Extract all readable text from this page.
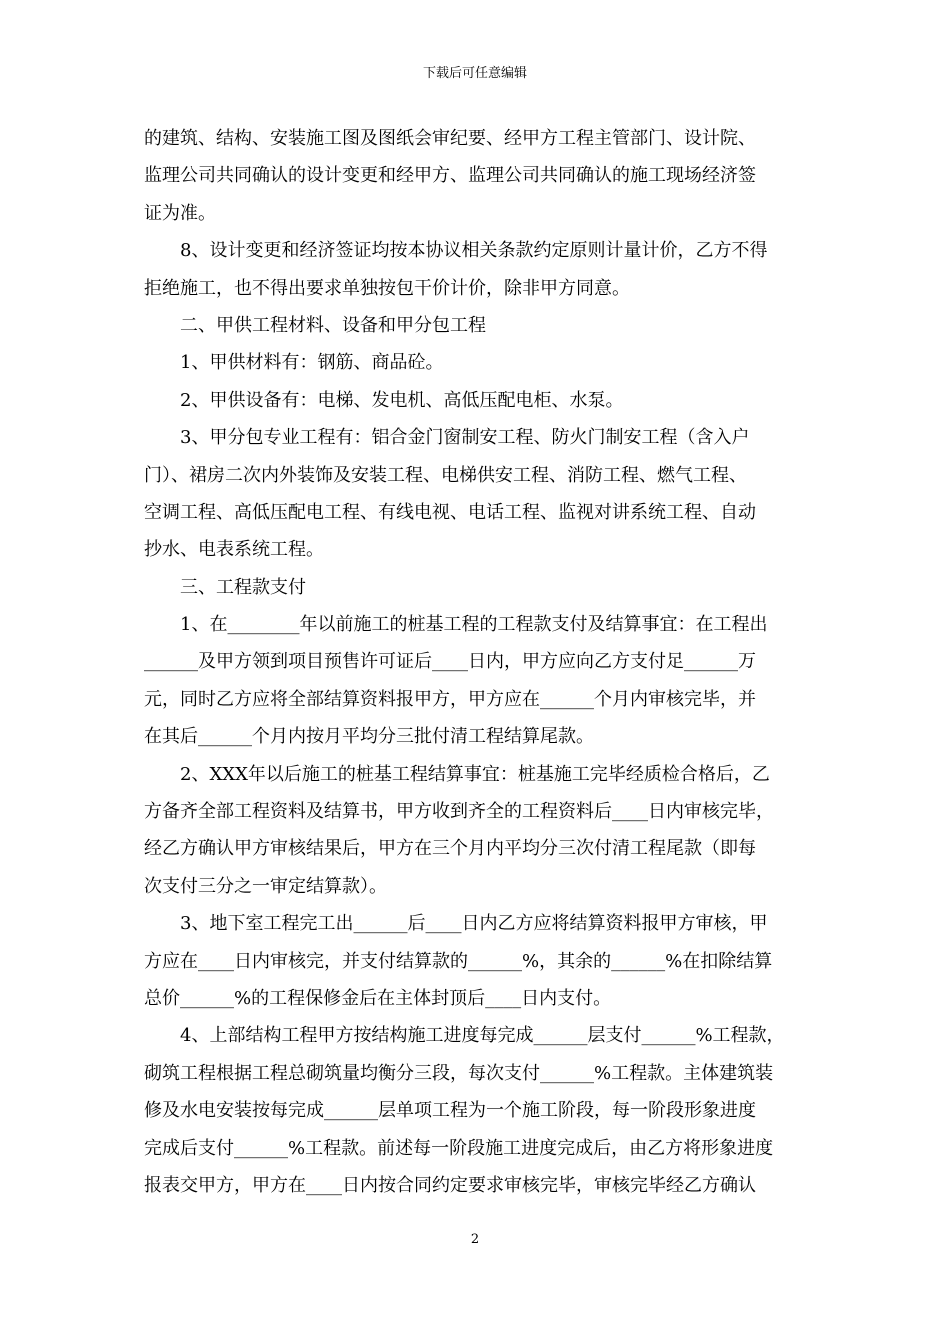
下载后可任意编辑
的建筑、结构、安装施工图及图纸会审纪要、经甲方工程主管部门、设计院、
监理公司共同确认的设计变更和经甲方、监理公司共同确认的施工现场经济签
证为准。
8、设计变更和经济签证均按本协议相关条款约定原则计量计价，乙方不得
拒绝施工，也不得出要求单独按包干价计价，除非甲方同意。
二、甲供工程材料、设备和甲分包工程
1、甲供材料有：钢筋、商品砼。
2、甲供设备有：电梯、发电机、高低压配电柜、水泵。
3、甲分包专业工程有：铝合金门窗制安工程、防火门制安工程（含入户
门）、裙房二次内外装饰及安装工程、电梯供安工程、消防工程、燃气工程、
空调工程、高低压配电工程、有线电视、电话工程、监视对讲系统工程、自动
抄水、电表系统工程。
三、工程款支付
1、在________年以前施工的桩基工程的工程款支付及结算事宜：在工程出
______及甲方领到项目预售许可证后____日内，甲方应向乙方支付足______万
元，同时乙方应将全部结算资料报甲方，甲方应在______个月内审核完毕，并
在其后______个月内按月平均分三批付清工程结算尾款。
2、XXX年以后施工的桩基工程结算事宜：桩基施工完毕经质检合格后，乙
方备齐全部工程资料及结算书，甲方收到齐全的工程资料后____日内审核完毕，
经乙方确认甲方审核结果后，甲方在三个月内平均分三次付清工程尾款（即每
次支付三分之一审定结算款）。
3、地下室工程完工出______后____日内乙方应将结算资料报甲方审核，甲
方应在____日内审核完，并支付结算款的______%，其余的______%在扣除结算
总价______%的工程保修金后在主体封顶后____日内支付。
4、上部结构工程甲方按结构施工进度每完成______层支付______%工程款，
砌筑工程根据工程总砌筑量均衡分三段，每次支付______%工程款。主体建筑装
修及水电安装按每完成______层单项工程为一个施工阶段，每一阶段形象进度
完成后支付______%工程款。前述每一阶段施工进度完成后，由乙方将形象进度
报表交甲方，甲方在____日内按合同约定要求审核完毕，审核完毕经乙方确认
2
